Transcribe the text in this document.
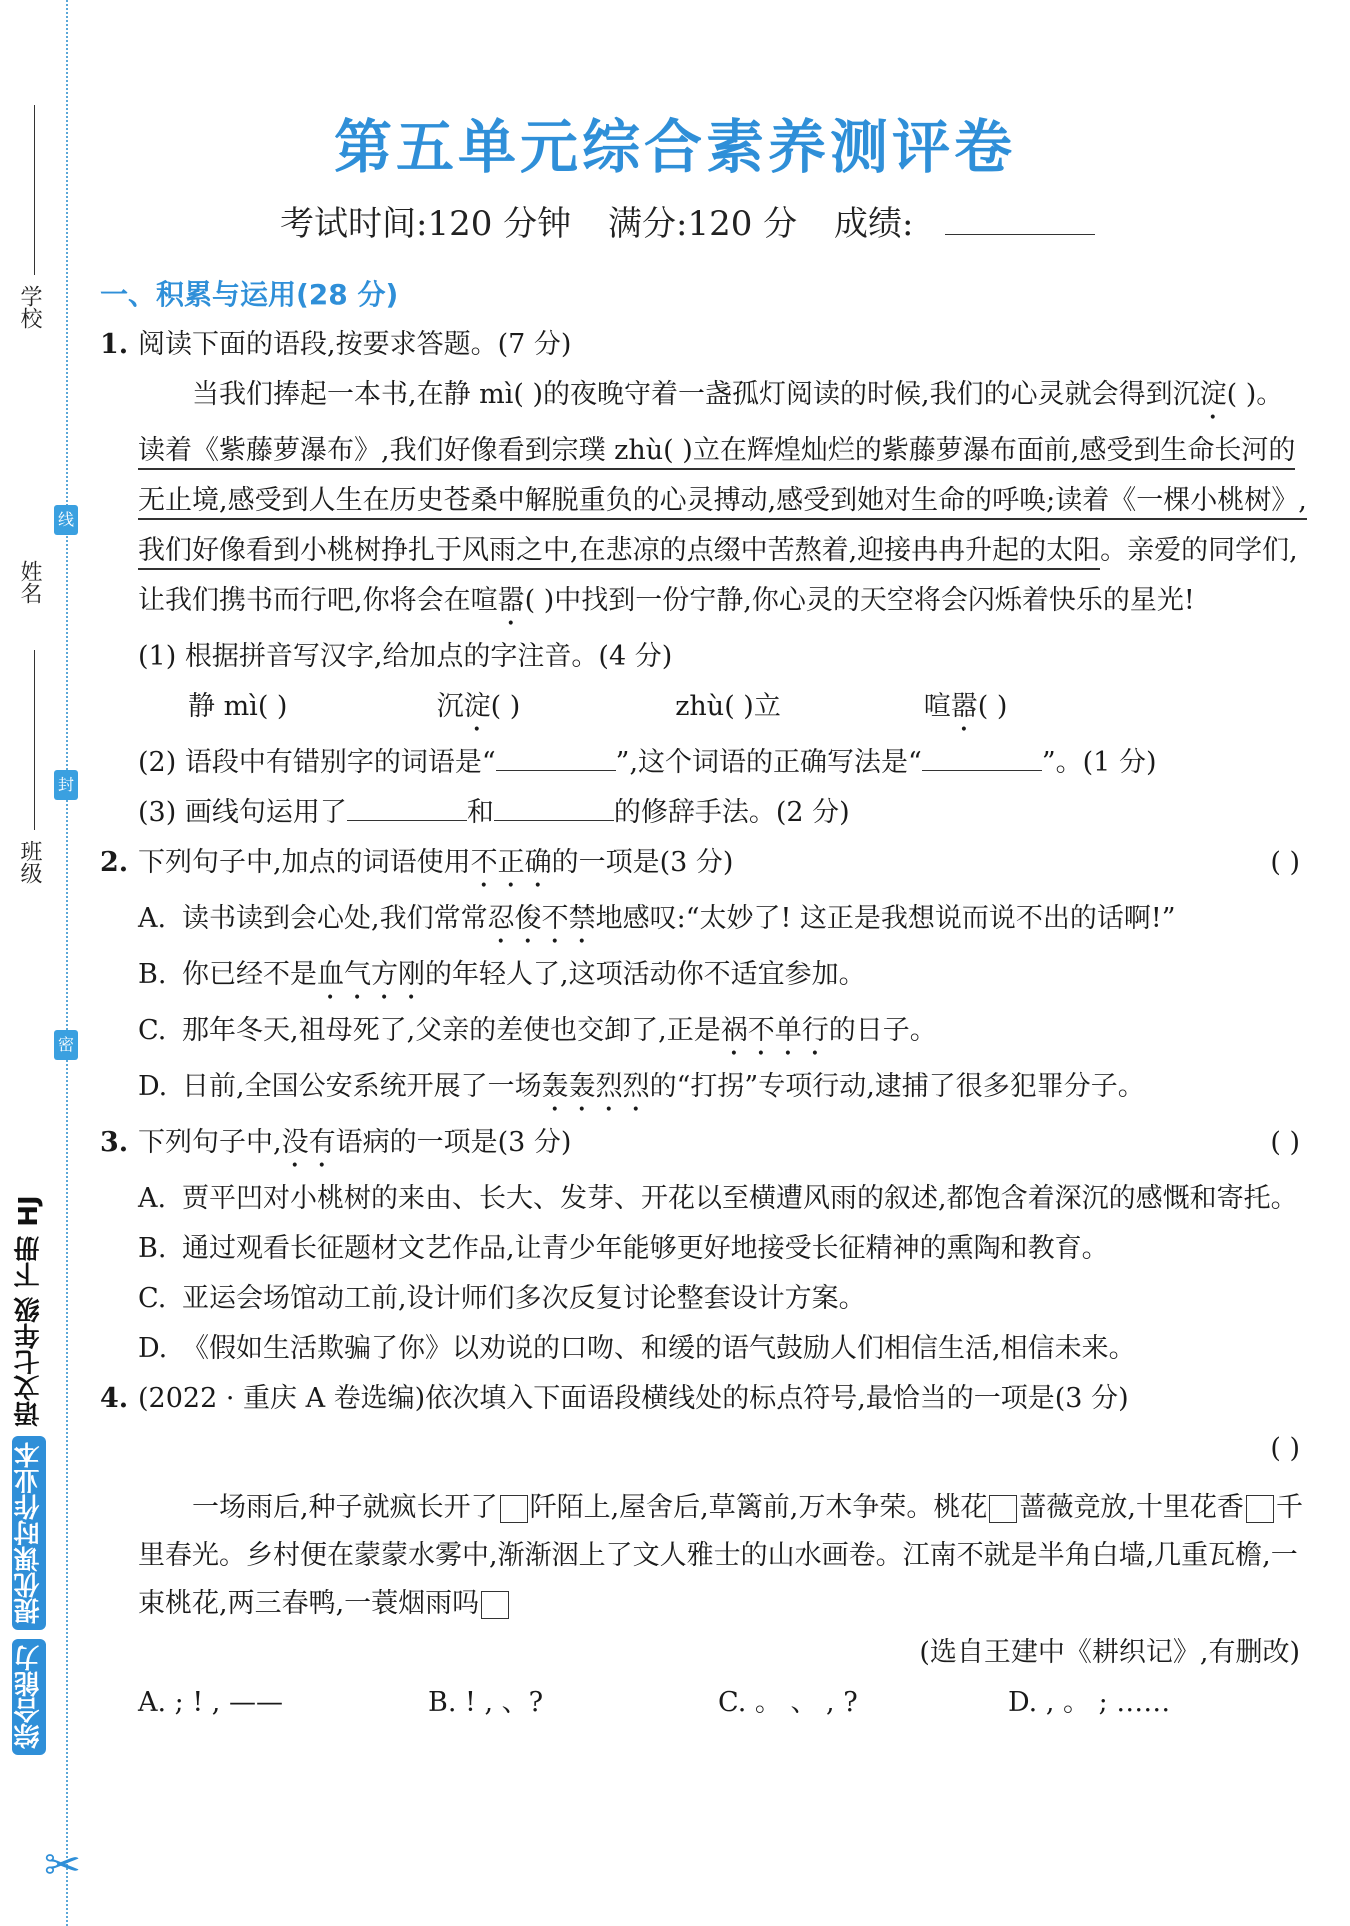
学校
线
姓名
封
班级
密
综合能力 提优课时作业本 语文七年级 下册 HJ
✂
第五单元综合素养测评卷
考试时间:120 分钟 满分:120 分 成绩:
一、积累与运用(28 分)
1. 阅读下面的语段,按要求答题。(7 分)
当我们捧起一本书,在静 mì( )的夜晚守着一盏孤灯阅读的时候,我们的心灵就会得到沉淀( )。读着《紫藤萝瀑布》,我们好像看到宗璞 zhù( )立在辉煌灿烂的紫藤萝瀑布面前,感受到生命长河的无止境,感受到人生在历史苍桑中解脱重负的心灵搏动,感受到她对生命的呼唤;读着《一棵小桃树》,我们好像看到小桃树挣扎于风雨之中,在悲凉的点缀中苦熬着,迎接冉冉升起的太阳。亲爱的同学们,让我们携书而行吧,你将会在喧嚣( )中找到一份宁静,你心灵的天空将会闪烁着快乐的星光!
(1) 根据拼音写汉字,给加点的字注音。(4 分)
静 mì( )	沉淀( )	zhù( )立	喧嚣( )
(2) 语段中有错别字的词语是“	”,这个词语的正确写法是“	”。(1 分)
(3) 画线句运用了	和	的修辞手法。(2 分)
2. 下列句子中,加点的词语使用不正确的一项是(3 分)	( )
A. 读书读到会心处,我们常常忍俊不禁地感叹:“太妙了! 这正是我想说而说不出的话啊!”
B. 你已经不是血气方刚的年轻人了,这项活动你不适宜参加。
C. 那年冬天,祖母死了,父亲的差使也交卸了,正是祸不单行的日子。
D. 日前,全国公安系统开展了一场轰轰烈烈的“打拐”专项行动,逮捕了很多犯罪分子。
3. 下列句子中,没有语病的一项是(3 分)	( )
A. 贾平凹对小桃树的来由、长大、发芽、开花以至横遭风雨的叙述,都饱含着深沉的感慨和寄托。
B. 通过观看长征题材文艺作品,让青少年能够更好地接受长征精神的熏陶和教育。
C. 亚运会场馆动工前,设计师们多次反复讨论整套设计方案。
D. 《假如生活欺骗了你》以劝说的口吻、和缓的语气鼓励人们相信生活,相信未来。
4. (2022 · 重庆 A 卷选编)依次填入下面语段横线处的标点符号,最恰当的一项是(3 分)
( )
一场雨后,种子就疯长开了 阡陌上,屋舍后,草篱前,万木争荣。桃花 蔷薇竞放,十里花香 千里春光。乡村便在蒙蒙水雾中,渐渐洇上了文人雅士的山水画卷。江南不就是半角白墙,几重瓦檐,一束桃花,两三春鸭,一蓑烟雨吗
(选自王建中《耕织记》,有删改)
A. ; ! , ——	B. ! , 、?	C. 。 、 , ?	D. , 。 ; ……
